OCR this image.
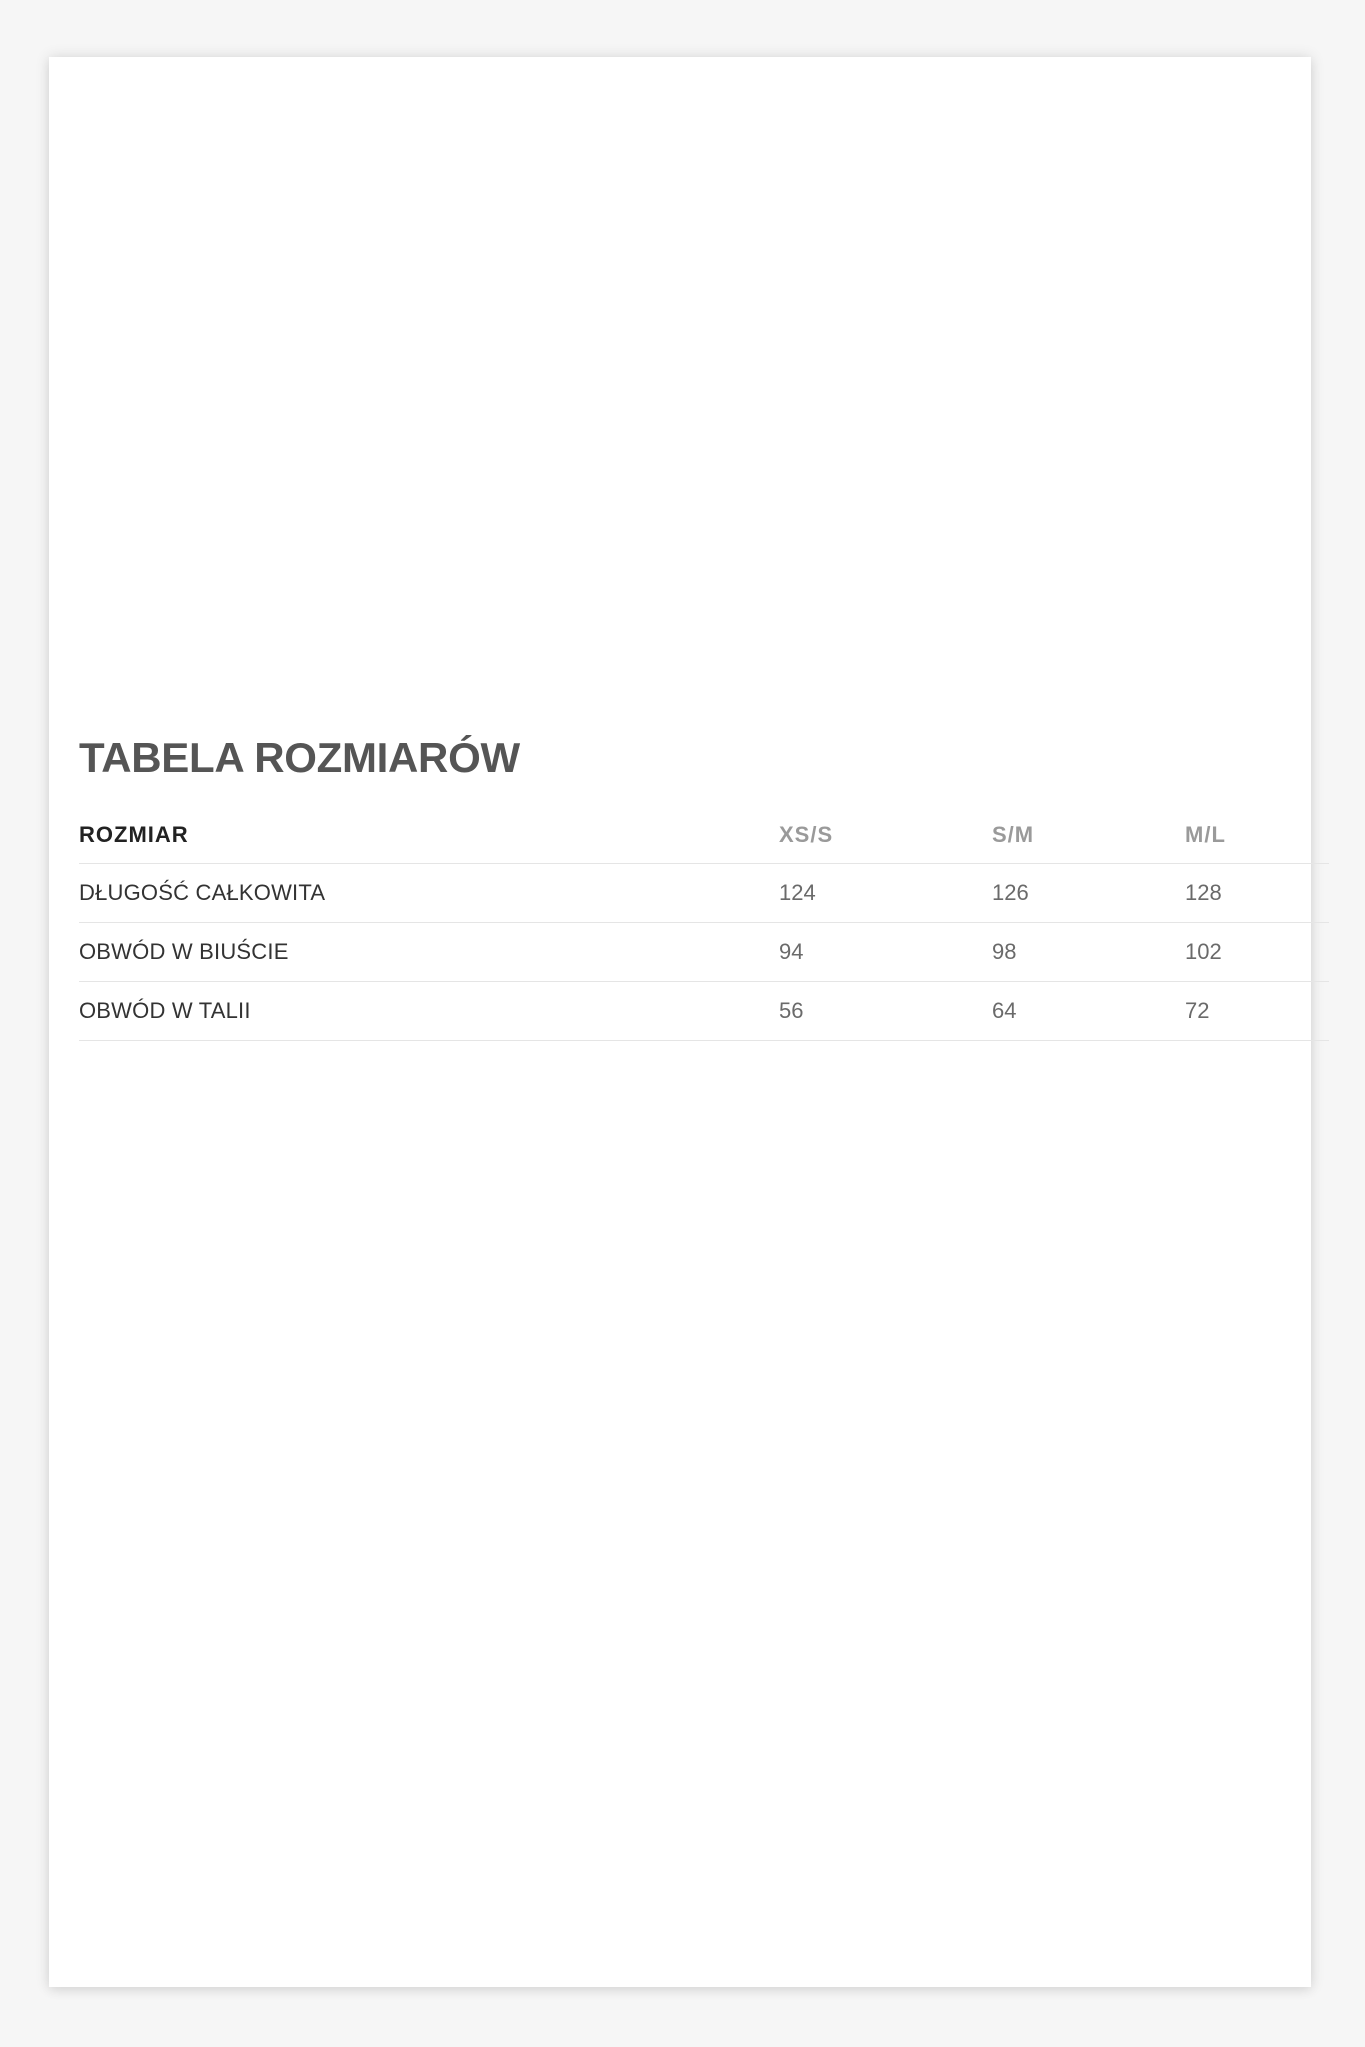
TABELA ROZMIARÓW
ROZMIAR	XS/S	S/M	M/L
DŁUGOŚĆ CAŁKOWITA	124	126	128
OBWÓD W BIUŚCIE	94	98	102
OBWÓD W TALII	56	64	72
